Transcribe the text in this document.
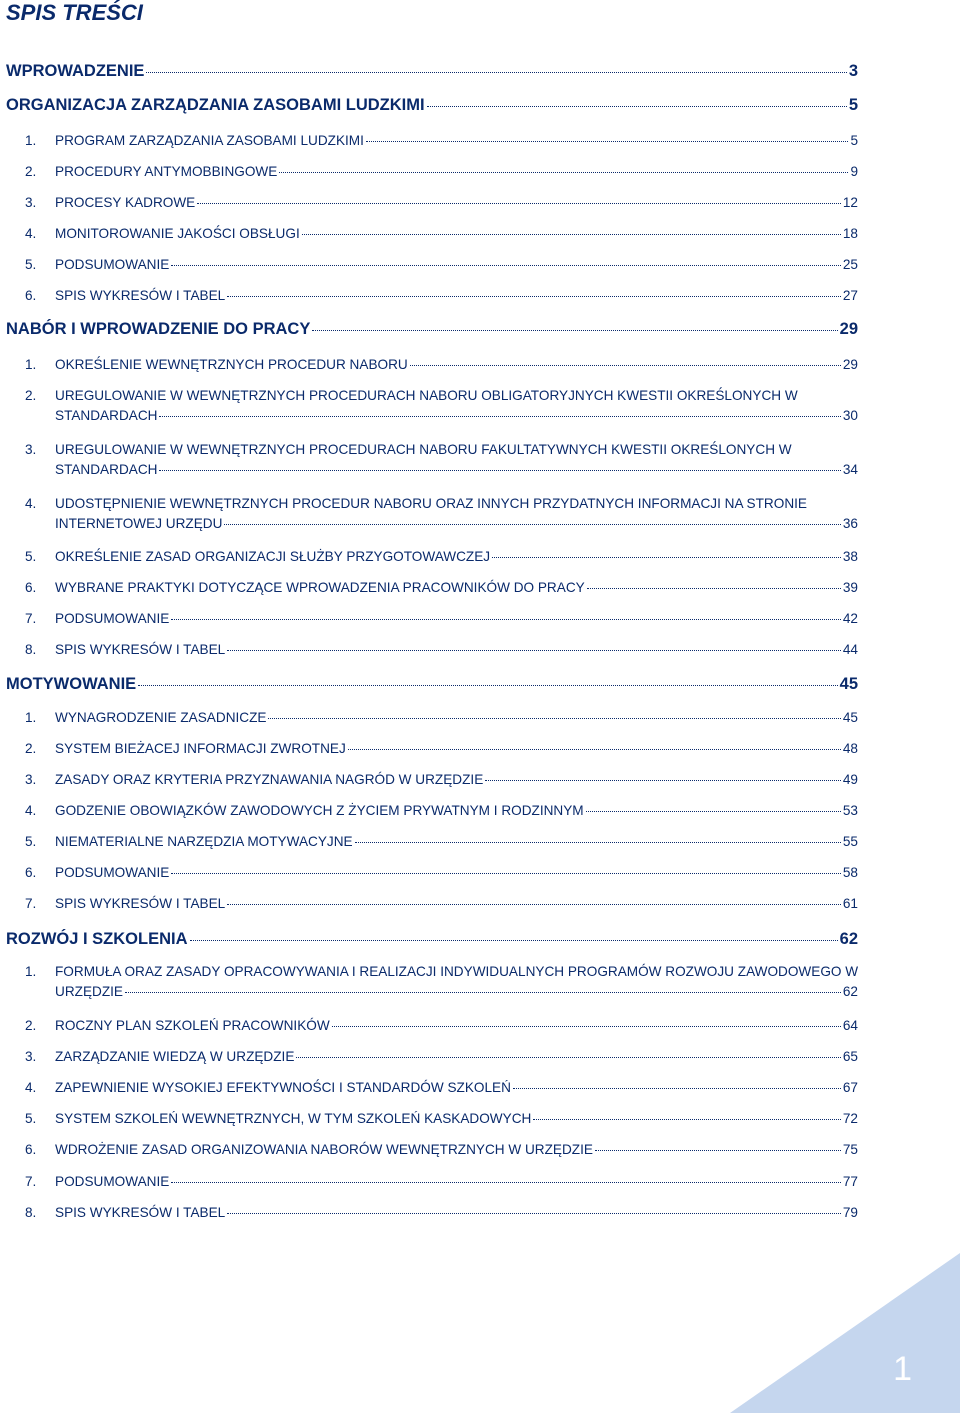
SPIS TREŚCI
WPROWADZENIE	3
ORGANIZACJA ZARZĄDZANIA ZASOBAMI LUDZKIMI	5
1.	PROGRAM ZARZĄDZANIA ZASOBAMI LUDZKIMI	5
2.	PROCEDURY ANTYMOBBINGOWE	9
3.	PROCESY KADROWE	12
4.	MONITOROWANIE JAKOŚCI OBSŁUGI	18
5.	PODSUMOWANIE	25
6.	SPIS WYKRESÓW I TABEL	27
NABÓR I WPROWADZENIE DO PRACY	29
1.	OKREŚLENIE WEWNĘTRZNYCH PROCEDUR NABORU	29
2.	UREGULOWANIE W WEWNĘTRZNYCH PROCEDURACH NABORU OBLIGATORYJNYCH KWESTII OKREŚLONYCH W
STANDARDACH	30
3.	UREGULOWANIE W WEWNĘTRZNYCH PROCEDURACH NABORU FAKULTATYWNYCH KWESTII OKREŚLONYCH W
STANDARDACH	34
4.	UDOSTĘPNIENIE WEWNĘTRZNYCH PROCEDUR NABORU ORAZ INNYCH PRZYDATNYCH INFORMACJI NA STRONIE
INTERNETOWEJ URZĘDU	36
5.	OKREŚLENIE ZASAD ORGANIZACJI SŁUŻBY PRZYGOTOWAWCZEJ	38
6.	WYBRANE PRAKTYKI DOTYCZĄCE WPROWADZENIA PRACOWNIKÓW DO PRACY	39
7.	PODSUMOWANIE	42
8.	SPIS WYKRESÓW I TABEL	44
MOTYWOWANIE	45
1.	WYNAGRODZENIE ZASADNICZE	45
2.	SYSTEM BIEŻACEJ INFORMACJI ZWROTNEJ	48
3.	ZASADY ORAZ KRYTERIA PRZYZNAWANIA NAGRÓD W URZĘDZIE	49
4.	GODZENIE OBOWIĄZKÓW ZAWODOWYCH Z ŻYCIEM PRYWATNYM I RODZINNYM	53
5.	NIEMATERIALNE NARZĘDZIA MOTYWACYJNE	55
6.	PODSUMOWANIE	58
7.	SPIS WYKRESÓW I TABEL	61
ROZWÓJ I SZKOLENIA	62
1.	FORMUŁA ORAZ ZASADY OPRACOWYWANIA I REALIZACJI INDYWIDUALNYCH PROGRAMÓW ROZWOJU ZAWODOWEGO W
URZĘDZIE	62
2.	ROCZNY PLAN SZKOLEŃ PRACOWNIKÓW	64
3.	ZARZĄDZANIE WIEDZĄ W URZĘDZIE	65
4.	ZAPEWNIENIE WYSOKIEJ EFEKTYWNOŚCI I STANDARDÓW SZKOLEŃ	67
5.	SYSTEM SZKOLEŃ WEWNĘTRZNYCH, W TYM SZKOLEŃ KASKADOWYCH	72
6.	WDROŻENIE ZASAD ORGANIZOWANIA NABORÓW WEWNĘTRZNYCH W URZĘDZIE	75
7.	PODSUMOWANIE	77
8.	SPIS WYKRESÓW I TABEL	79
1
